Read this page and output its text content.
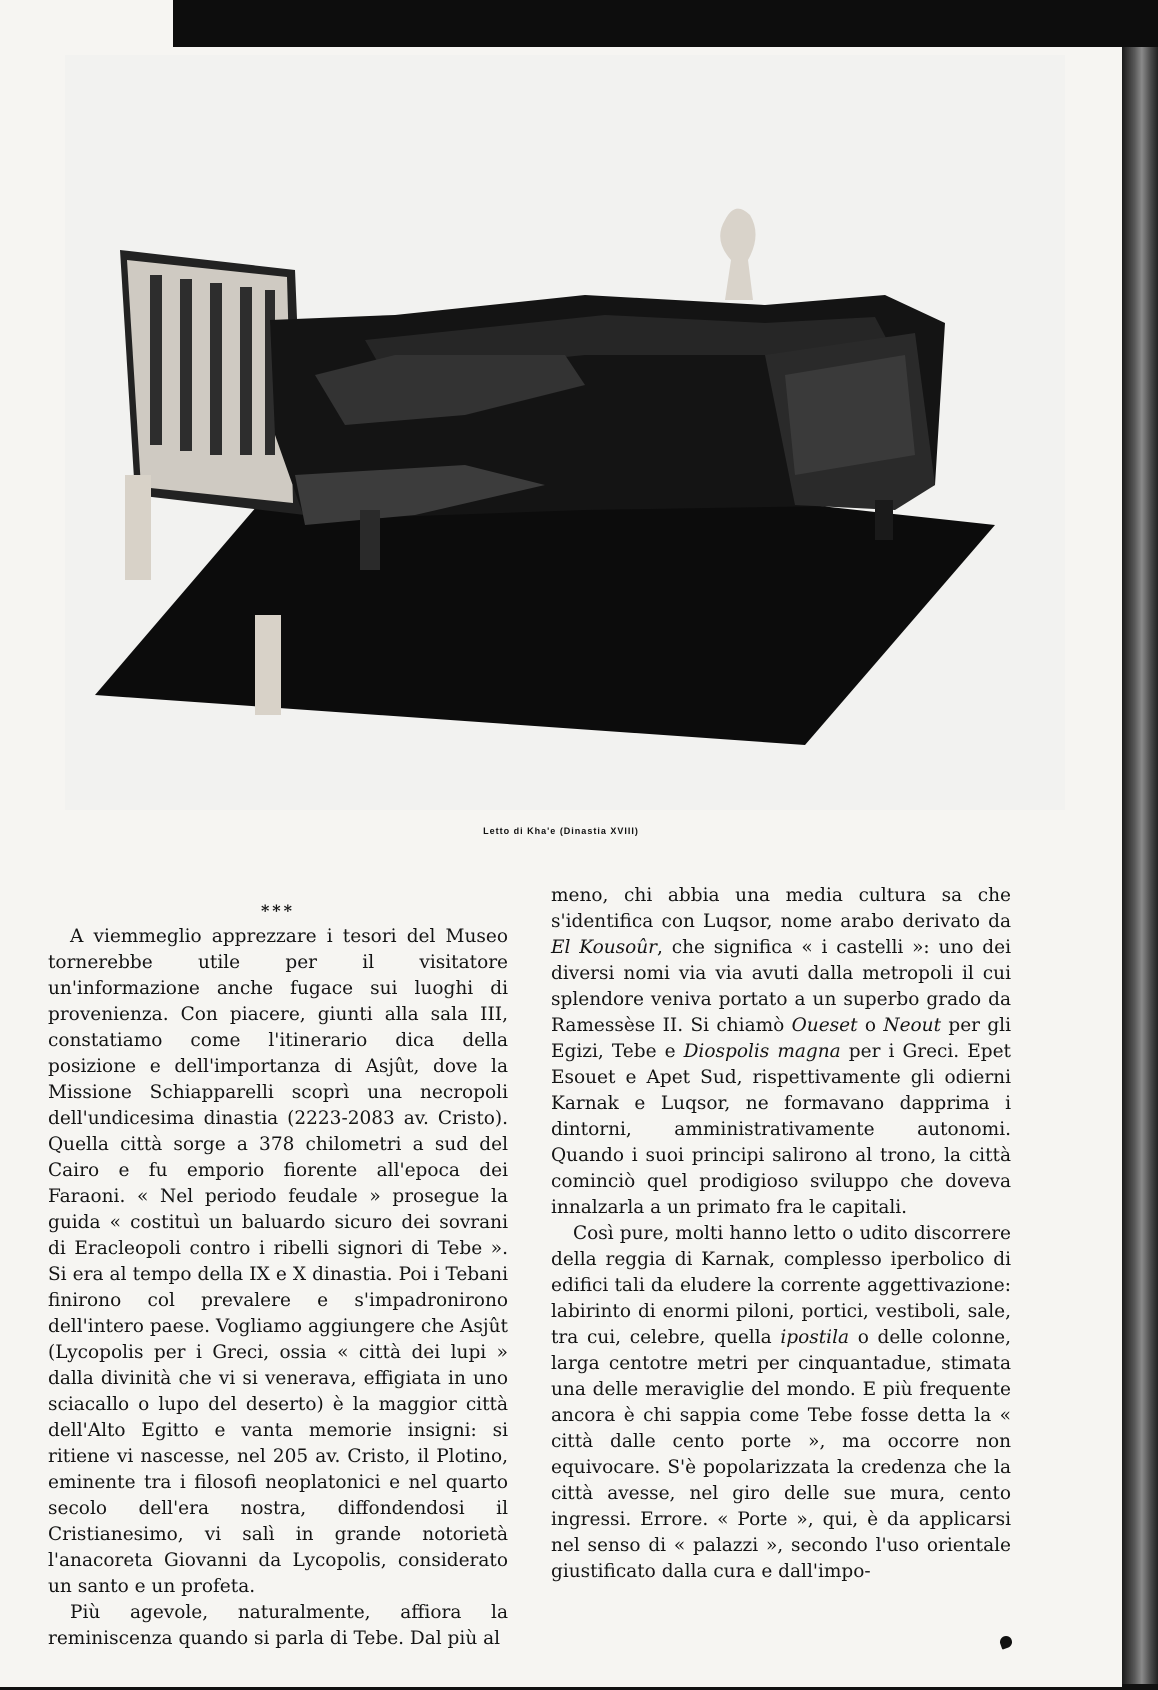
Letto di Kha'e (Dinastia XVIII)
***

A viemmeglio apprezzare i tesori del Museo tornerebbe utile per il visitatore un'informazione anche fugace sui luoghi di provenienza. Con piacere, giunti alla sala III, constatiamo come l'itinerario dica della posizione e dell'importanza di Asjût, dove la Missione Schiapparelli scoprì una necropoli dell'undicesima dinastia (2223-2083 av. Cristo). Quella città sorge a 378 chilometri a sud del Cairo e fu emporio fiorente all'epoca dei Faraoni. « Nel periodo feudale » prosegue la guida « costituì un baluardo sicuro dei sovrani di Eracleopoli contro i ribelli signori di Tebe ». Si era al tempo della IX e X dinastia. Poi i Tebani finirono col prevalere e s'impadronirono dell'intero paese. Vogliamo aggiungere che Asjût (Lycopolis per i Greci, ossia « città dei lupi » dalla divinità che vi si venerava, effigiata in uno sciacallo o lupo del deserto) è la maggior città dell'Alto Egitto e vanta memorie insigni: si ritiene vi nascesse, nel 205 av. Cristo, il Plotino, eminente tra i filosofi neoplatonici e nel quarto secolo dell'era nostra, diffondendosi il Cristianesimo, vi salì in grande notorietà l'anacoreta Giovanni da Lycopolis, considerato un santo e un profeta.

Più agevole, naturalmente, affiora la reminiscenza quando si parla di Tebe. Dal più al

meno, chi abbia una media cultura sa che s'identifica con Luqsor, nome arabo derivato da El Kousoûr, che significa « i castelli »: uno dei diversi nomi via via avuti dalla metropoli il cui splendore veniva portato a un superbo grado da Ramessèse II. Si chiamò Oueset o Neout per gli Egizi, Tebe e Diospolis magna per i Greci. Epet Esouet e Apet Sud, rispettivamente gli odierni Karnak e Luqsor, ne formavano dapprima i dintorni, amministrativamente autonomi. Quando i suoi principi salirono al trono, la città cominciò quel prodigioso sviluppo che doveva innalzarla a un primato fra le capitali.

Così pure, molti hanno letto o udito discorrere della reggia di Karnak, complesso iperbolico di edifici tali da eludere la corrente aggettivazione: labirinto di enormi piloni, portici, vestiboli, sale, tra cui, celebre, quella ipostila o delle colonne, larga centotre metri per cinquantadue, stimata una delle meraviglie del mondo. E più frequente ancora è chi sappia come Tebe fosse detta la « città dalle cento porte », ma occorre non equivocare. S'è popolarizzata la credenza che la città avesse, nel giro delle sue mura, cento ingressi. Errore. « Porte », qui, è da applicarsi nel senso di « palazzi », secondo l'uso orientale giustificato dalla cura e dall'impo-
